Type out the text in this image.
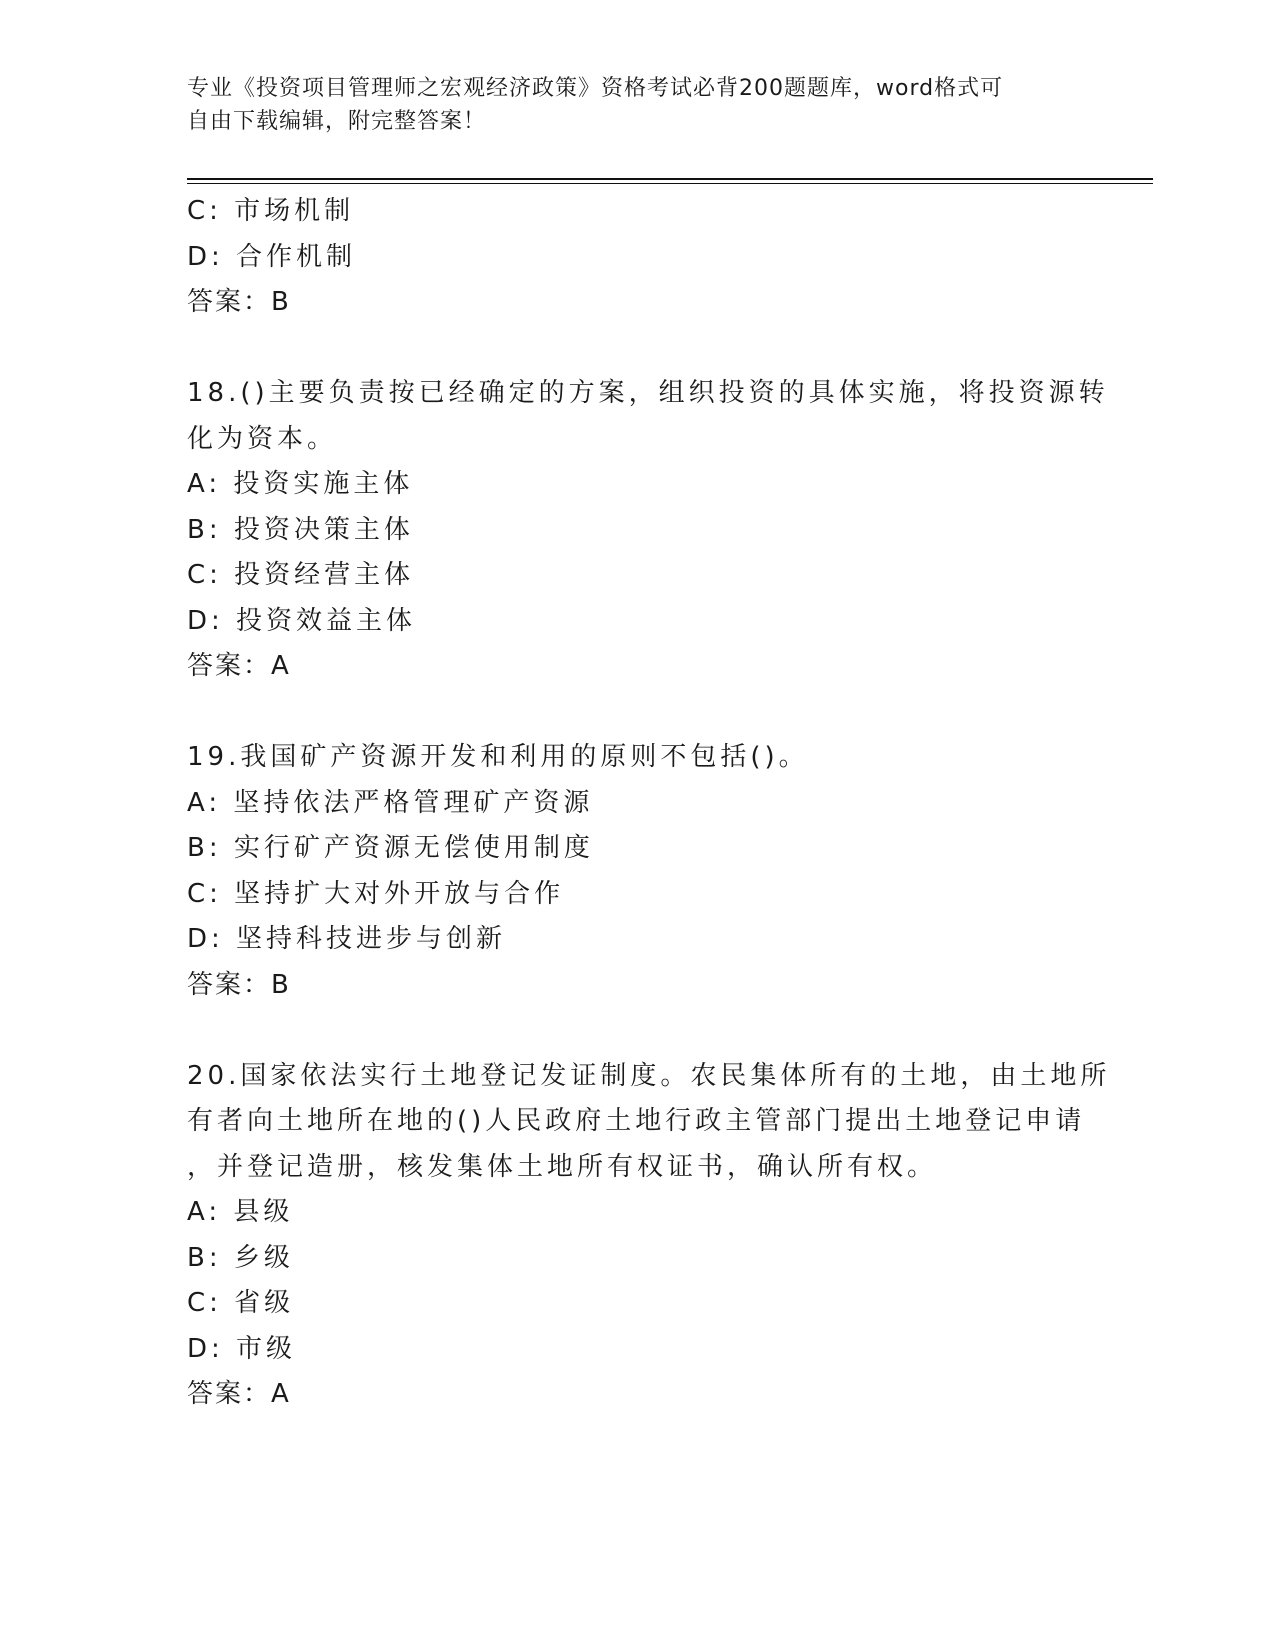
专业《投资项目管理师之宏观经济政策》资格考试必背200题题库，word格式可
自由下载编辑，附完整答案！
C: 市场机制
D: 合作机制
答案：B
18.()主要负责按已经确定的方案，组织投资的具体实施，将投资源转
化为资本。
A: 投资实施主体
B: 投资决策主体
C: 投资经营主体
D: 投资效益主体
答案：A
19.我国矿产资源开发和利用的原则不包括()。
A: 坚持依法严格管理矿产资源
B: 实行矿产资源无偿使用制度
C: 坚持扩大对外开放与合作
D: 坚持科技进步与创新
答案：B
20.国家依法实行土地登记发证制度。农民集体所有的土地，由土地所
有者向土地所在地的()人民政府土地行政主管部门提出土地登记申请
，并登记造册，核发集体土地所有权证书，确认所有权。
A: 县级
B: 乡级
C: 省级
D: 市级
答案：A
